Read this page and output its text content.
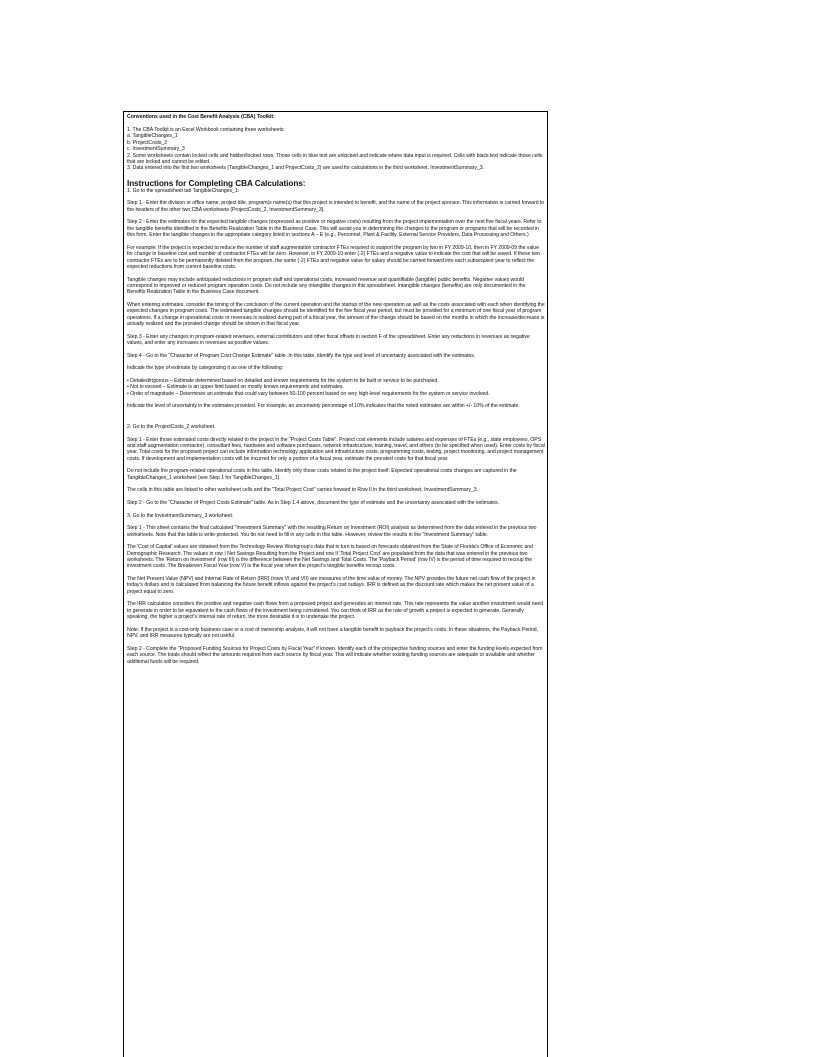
Conventions used in the Cost Benefit Analysis (CBA) Toolkit:

1. The CBA Toolkit is an Excel Workbook containing three worksheets:

a. TangibleChanges_1
b. ProjectCosts_2
c. InvestmentSummary_3

2. Some worksheets contain locked cells and hidden/locked rows. Those cells in blue text are unlocked and indicate where data input is required. Cells with black text indicate those cells that are locked and cannot be edited.

3. Data entered into the first two worksheets (TangibleChanges_1 and ProjectCosts_2) are used for calculations in the third worksheet, InvestmentSummary_3.

Instructions for Completing CBA Calculations:

1. Go to the spreadsheet tab TangibleChanges_1:

Step 1 - Enter the division or office name, project title, program(s name(s) that this project is intended to benefit, and the name of the project sponsor. This information is carried forward to the headers of the other two CBA worksheets (ProjectCosts_2, InvestmentSummary_3).

Step 2 - Enter the estimates for the expected tangible changes (expressed as positive or negative costs) resulting from the project implementation over the next five fiscal years. Refer to the tangible benefits identified in the Benefits Realization Table in the Business Case. This will assist you in determining the changes to the program or programs that will be recorded in this form. Enter the tangible changes in the appropriate category listed in sections A – E (e.g., Personnel, Plant & Facility, External Service Providers, Data Processing and Others.)

For example: If the project is expected to reduce the number of staff augmentation contractor FTEs required to support the program by two in FY 2009-10, then in FY 2009-09 the value for change in baseline cost and number of contractor FTEs will be zero. However, in FY 2009-10 enter (-2) FTEs and a negative value to indicate the cost that will be saved. If these two contractor FTEs are to be permanently deleted from the program, the same (-2) FTEs and negative value for salary should be carried forward into each subsequent year to reflect the expected reductions from current baseline costs.

Tangible changes may include anticipated reductions in program staff and operational costs, increased revenue and quantifiable (tangible) public benefits. Negative values would correspond to improved or reduced program operation costs. Do not include any intangible changes in this spreadsheet. Intangible changes (benefits) are only documented in the Benefits Realization Table in the Business Case document.

When entering estimates, consider the timing of the conclusion of the current operation and the startup of the new operation as well as the costs associated with each when identifying the expected changes in program costs. The estimated tangible changes should be identified for the five fiscal year period, but must be provided for a minimum of one fiscal year of program operations. If a change in operational costs or revenues is realized during part of a fiscal year, the amount of the change should be based on the months in which the increase/decrease is actually realized and the prorated change should be shown in that fiscal year.

Step 3 - Enter any changes in program-related revenues, external contributors and other fiscal offsets in section F of the spreadsheet. Enter any reductions in revenues as negative values, and enter any increases in revenues as positive values.

Step 4 - Go to the "Character of Program Cost Change Estimate" table. In this table, identify the type and level of uncertainty associated with the estimates.

Indicate the type of estimate by categorizing it as one of the following:

• Detailed/rigorous – Estimate determined based on detailed and known requirements for the system to be built or service to be purchased.
• Not to exceed – Estimate is an upper limit based on mostly known requirements and estimates.
• Order of magnitude – Determines an estimate that could vary between 50-100 percent based on very high-level requirements for the system or service involved.

Indicate the level of uncertainty in the estimates provided. For example, an uncertainty percentage of 10% indicates that the noted estimates are within +/- 10% of the estimate.

2. Go to the ProjectCosts_2 worksheet.

Step 1 - Enter those estimated costs directly related to the project in the "Project Costs Table". Project cost elements include salaries and expenses of FTEs (e.g., state employees, OPS and staff augmentation contractor), consultant fees, hardware and software purchases, network infrastructure, training, travel, and others (to be specified when used). Enter costs by fiscal year. Total costs for the proposed project can include information technology application and infrastructure costs, programming costs, testing, project monitoring, and project management costs. If development and implementation costs will be incurred for only a portion of a fiscal year, estimate the prorated costs for that fiscal year.

Do not include the program-related operational costs in this table. Identify only those costs related to the project itself. Expected operational costs changes are captured in the TangibleChanges_1 worksheet (see Step 1 for TangibleChanges_1).

The cells in this table are linked to other worksheet cells and the "Total Project Cost" carries forward to Row II in the third worksheet, InvestmentSummary_3.

Step 2 - Go to the "Character of Project Costs Estimate" table. As in Step 1.4 above, document the type of estimate and the uncertainty associated with the estimates.

3. Go to the InvestmentSummary_3 worksheet.

Step 1 - This sheet contains the final calculated "Investment Summary" with the resulting Return on Investment (ROI) analysis as determined from the data entered in the previous two worksheets. Note that this table is write-protected. You do not need to fill in any cells in this table. However, review the results in the "Investment Summary" table.

The 'Cost of Capital' values are obtained from the Technology Review Workgroup's data that in turn is based on forecasts obtained from the State of Florida's Office of Economic and Demographic Research. The values in row I Net Savings Resulting from the Project and row II 'Total Project Cost' are populated from the data that was entered in the previous two worksheets. The 'Return on Investment' (row III) is the difference between the Net Savings and Total Costs. The 'Payback Period' (row IV) is the period of time required to recoup the investment costs. The Breakeven Fiscal Year (row V) is the fiscal year when the project's tangible benefits recoup costs.

The Net Present Value (NPV) and Internal Rate of Return (IRR) (rows VI and VII) are measures of the time value of money. The NPV provides the future net cash flow of the project in today's dollars and is calculated from balancing the future benefit inflows against the project's cost outlays. IRR is defined as the discount rate which makes the net present value of a project equal to zero.

The IRR calculation considers the positive and negative cash flows from a proposed project and generates an interest rate. This rate represents the value another investment would need to generate in order to be equivalent to the cash flows of the investment being considered. You can think of IRR as the rate of growth a project is expected to generate. Generally speaking, the higher a project's internal rate of return, the more desirable it is to undertake the project.

Note: If the project is a cost-only business case or a cost of ownership analysis, it will not have a tangible benefit to payback the project's costs. In these situations, the Payback Period, NPV, and IRR measures typically are not useful.

Step 2 - Complete the "Proposed Funding Sources for Project Costs by Fiscal Year" if known. Identify each of the prospective funding sources and enter the funding levels expected from each source. The totals should reflect the amounts required from each source by fiscal year. This will indicate whether existing funding sources are adequate or available and whether additional funds will be required.
